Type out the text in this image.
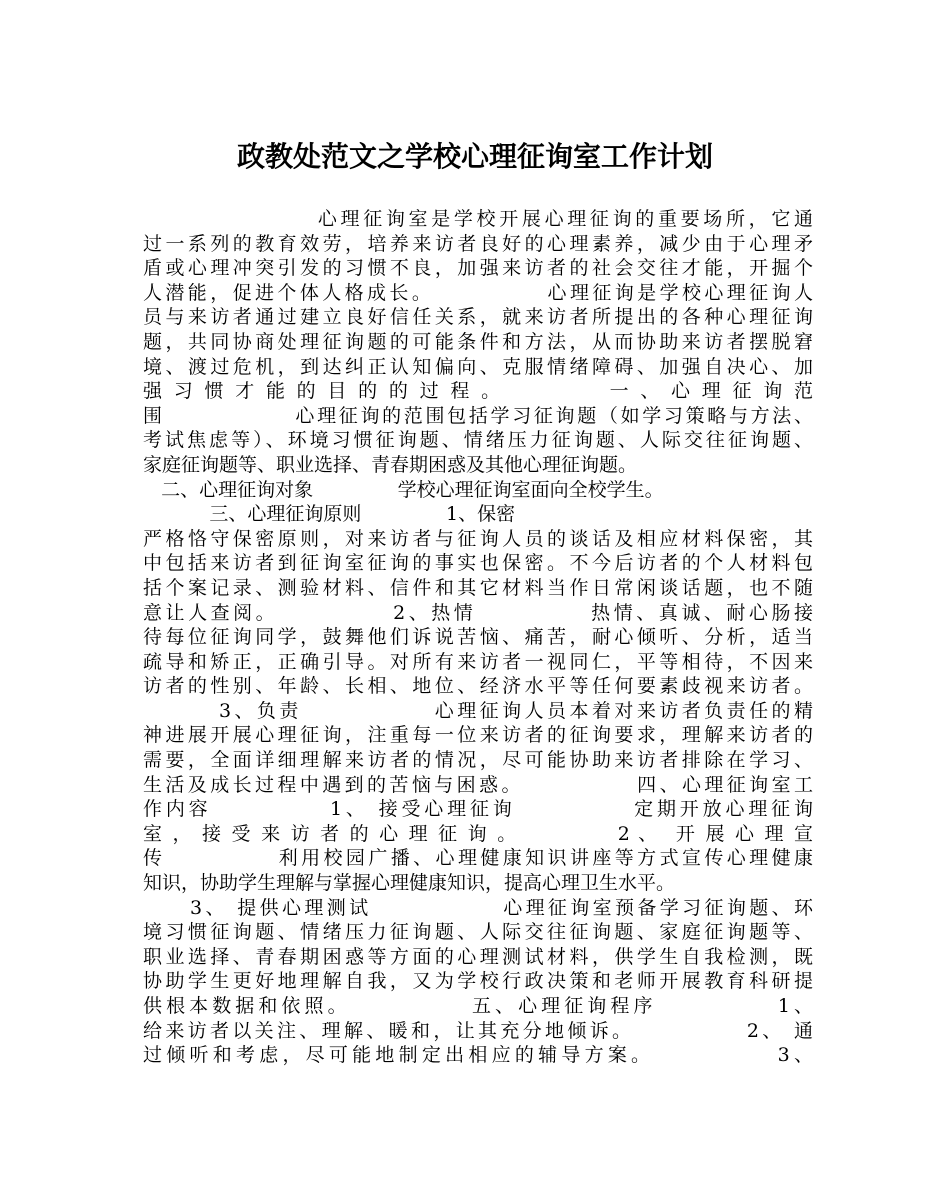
政教处范文之学校心理征询室工作计划
心理征询室是学校开展心理征询的重要场所，它通
过一系列的教育效劳，培养来访者良好的心理素养，减少由于心理矛
盾或心理冲突引发的习惯不良，加强来访者的社会交往才能，开掘个
人潜能，促进个体人格成长。            心理征询是学校心理征询人
员与来访者通过建立良好信任关系，就来访者所提出的各种心理征询
题，共同协商处理征询题的可能条件和方法，从而协助来访者摆脱窘
境、渡过危机，到达纠正认知偏向、克服情绪障碍、加强自决心、加
强 习 惯 才 能 的 目 的 的 过 程 。            一 、 心 理 征 询 范
围               心理征询的范围包括学习征询题（如学习策略与方法、
考试焦虑等）、环境习惯征询题、情绪压力征询题、人际交往征询题、
家庭征询题等、职业选择、青春期困惑及其他心理征询题。
二、心理征询对象              学校心理征询室面向全校学生。
三、心理征询原则              1、保密
严格恪守保密原则，对来访者与征询人员的谈话及相应材料保密，其
中包括来访者到征询室征询的事实也保密。不今后访者的个人材料包
括个案记录、测验材料、信件和其它材料当作日常闲谈话题，也不随
意让人查阅。            2、热情            热情、真诚、耐心肠接
待每位征询同学，鼓舞他们诉说苦恼、痛苦，耐心倾听、分析，适当
疏导和矫正，正确引导。对所有来访者一视同仁，平等相待，不因来
访者的性别、年龄、长相、地位、经济水平等任何要素歧视来访者。
3、负责              心理征询人员本着对来访者负责任的精
神进展开展心理征询，注重每一位来访者的征询要求，理解来访者的
需要，全面详细理解来访者的情况，尽可能协助来访者排除在学习、
生活及成长过程中遇到的苦恼与困惑。            四、心理征询室工
作内容            1、 接受心理征询            定期开放心理征询
室 ， 接 受 来 访 者 的 心 理 征 询 。            2 、  开 展 心 理 宣
传            利用校园广播、心理健康知识讲座等方式宣传心理健康
知识，协助学生理解与掌握心理健康知识，提高心理卫生水平。
3、 提供心理测试              心理征询室预备学习征询题、环
境习惯征询题、情绪压力征询题、人际交往征询题、家庭征询题等、
职业选择、青春期困惑等方面的心理测试材料，供学生自我检测，既
协助学生更好地理解自我，又为学校行政决策和老师开展教育科研提
供根本数据和依照。            五、心理征询程序            1、
给来访者以关注、理解、暖和，让其充分地倾诉。            2、 通
过倾听和考虑，尽可能地制定出相应的辅导方案。            3、
